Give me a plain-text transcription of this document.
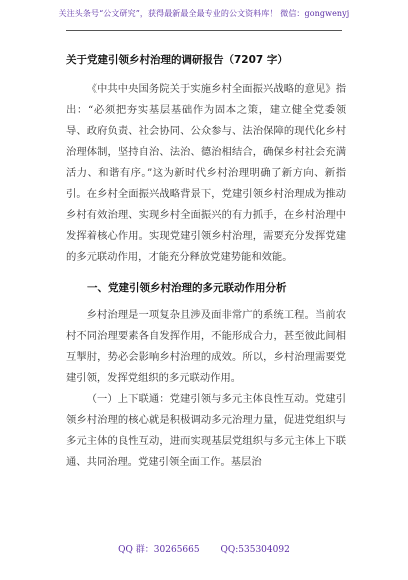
关注头条号“公文研究”，获得最新最全最专业的公文资料库！ 微信：gongwenyj
关于党建引领乡村治理的调研报告（7207 字）

《中共中央国务院关于实施乡村全面振兴战略的意见》指出：“必须把夯实基层基础作为固本之策，建立健全党委领导、政府负责、社会协同、公众参与、法治保障的现代化乡村治理体制，坚持自治、法治、德治相结合，确保乡村社会充满活力、和谐有序。”这为新时代乡村治理明确了新方向、新指引。在乡村全面振兴战略背景下，党建引领乡村治理成为推动乡村有效治理、实现乡村全面振兴的有力抓手，在乡村治理中发挥着核心作用。实现党建引领乡村治理，需要充分发挥党建的多元联动作用，才能充分释放党建势能和效能。

一、党建引领乡村治理的多元联动作用分析

乡村治理是一项复杂且涉及面非常广的系统工程。当前农村不同治理要素各自发挥作用，不能形成合力，甚至彼此间相互掣肘，势必会影响乡村治理的成效。所以，乡村治理需要党建引领，发挥党组织的多元联动作用。

（一）上下联通：党建引领与多元主体良性互动。党建引领乡村治理的核心就是积极调动多元治理力量，促进党组织与多元主体的良性互动，进而实现基层党组织与多元主体上下联通、共同治理。党建引领全面工作。基层治

QQ 群：30265665 QQ:535304092
